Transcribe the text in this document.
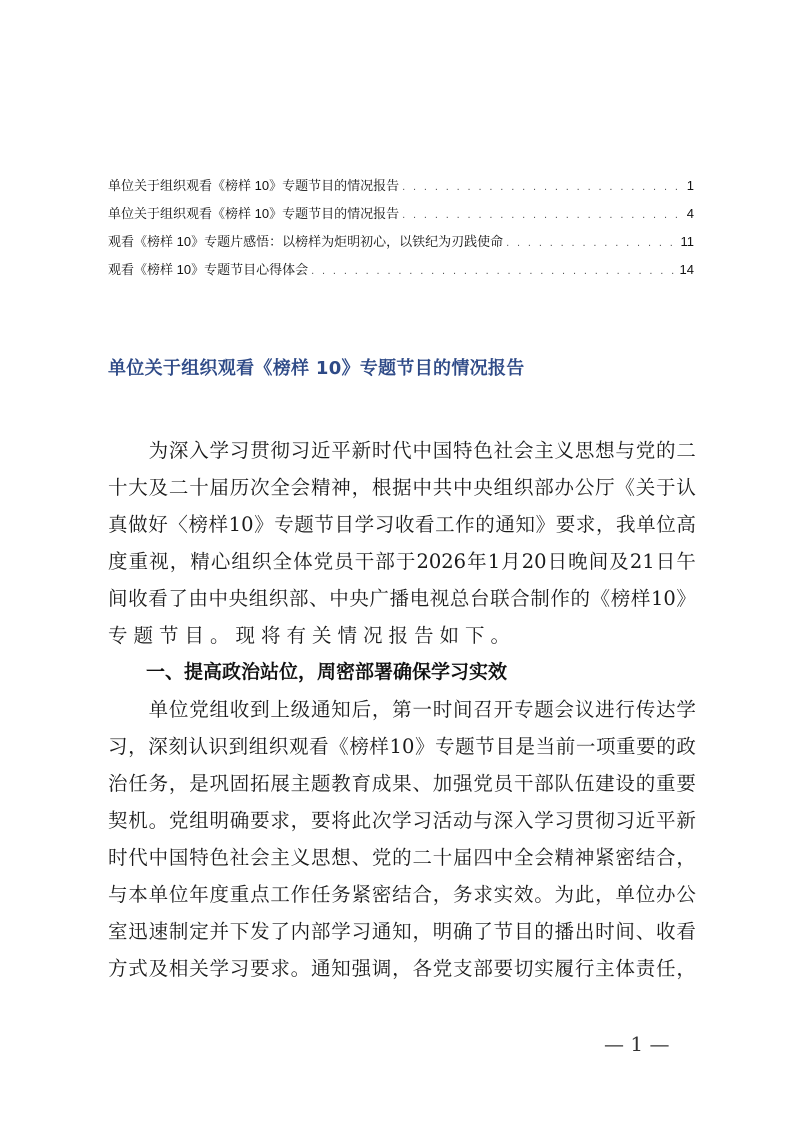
单位关于组织观看《榜样 10》专题节目的情况报告 . . .	1
单位关于组织观看《榜样 10》专题节目的情况报告 . . .	4
观看《榜样 10》专题片感悟：以榜样为炬明初心，以铁纪为刃践使命 . . .	11
观看《榜样 10》专题节目心得体会 . . .	14
单位关于组织观看《榜样 10》专题节目的情况报告

为 深 入 学 习 贯 彻 习 近 平 新 时 代 中 国 特 色 社 会 主 义 思 想 与 党 的 二
十 大 及 二 十 届 历 次 全 会 精 神 ， 根 据 中 共 中 央 组 织 部 办 公 厅 《 关 于 认
真 做 好 〈 榜 样 10 》 专 题 节 目 学 习 收 看 工 作 的 通 知 》 要 求 ， 我 单 位 高
度 重 视 ， 精 心 组 织 全 体 党 员 干 部 于 2026 年 1 月 20 日 晚 间 及 21 日 午
间 收 看 了 由 中 央 组 织 部 、 中 央 广 播 电 视 总 台 联 合 制 作 的 《 榜 样 10 》
专题节目。现将有关情况报告如下。
一、提高政治站位，周密部署确保学习实效

单 位 党 组 收 到 上 级 通 知 后 ， 第 一 时 间 召 开 专 题 会 议 进 行 传 达 学
习 ， 深 刻 认 识 到 组 织 观 看 《 榜 样 10 》 专 题 节 目 是 当 前 一 项 重 要 的 政
治 任 务 ， 是 巩 固 拓 展 主 题 教 育 成 果 、 加 强 党 员 干 部 队 伍 建 设 的 重 要
契 机 。 党 组 明 确 要 求 ， 要 将 此 次 学 习 活 动 与 深 入 学 习 贯 彻 习 近 平 新
时 代 中 国 特 色 社 会 主 义 思 想 、 党 的 二 十 届 四 中 全 会 精 神 紧 密 结 合 ，
与 本 单 位 年 度 重 点 工 作 任 务 紧 密 结 合 ， 务 求 实 效 。 为 此 ， 单 位 办 公
室 迅 速 制 定 并 下 发 了 内 部 学 习 通 知 ， 明 确 了 节 目 的 播 出 时 间 、 收 看
方 式 及 相 关 学 习 要 求 。 通 知 强 调 ， 各 党 支 部 要 切 实 履 行 主 体 责 任 ，
— 1 —
